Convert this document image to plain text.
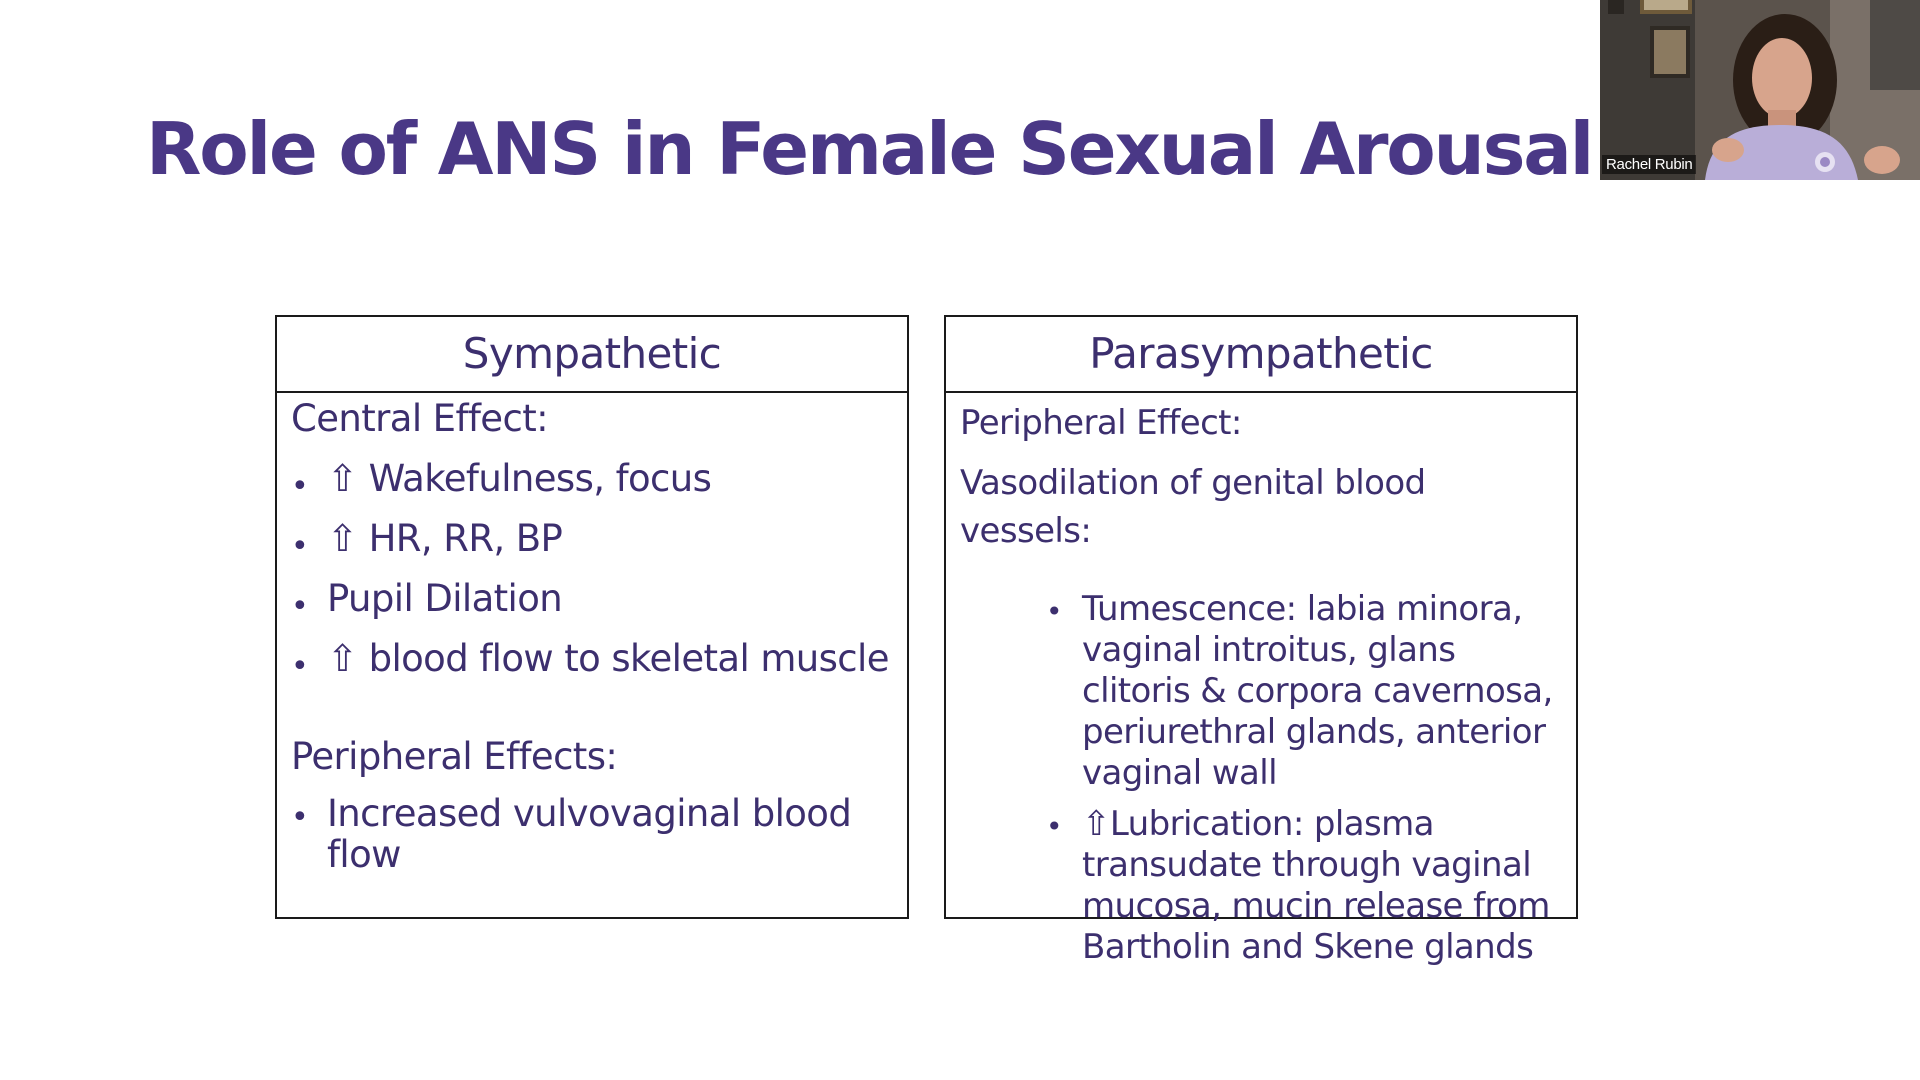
Role of ANS in Female Sexual Arousal
Sympathetic

Central Effect:

• ⇧ Wakefulness, focus
• ⇧ HR, RR, BP
• Pupil Dilation
• ⇧ blood flow to skeletal muscle

Peripheral Effects:

• Increased vulvovaginal blood flow
Parasympathetic

Peripheral Effect:

Vasodilation of genital blood vessels:

• Tumescence: labia minora, vaginal introitus, glans clitoris & corpora cavernosa, periurethral glands, anterior vaginal wall
• ⇧Lubrication: plasma transudate through vaginal mucosa, mucin release from Bartholin and Skene glands
Rachel Rubin
